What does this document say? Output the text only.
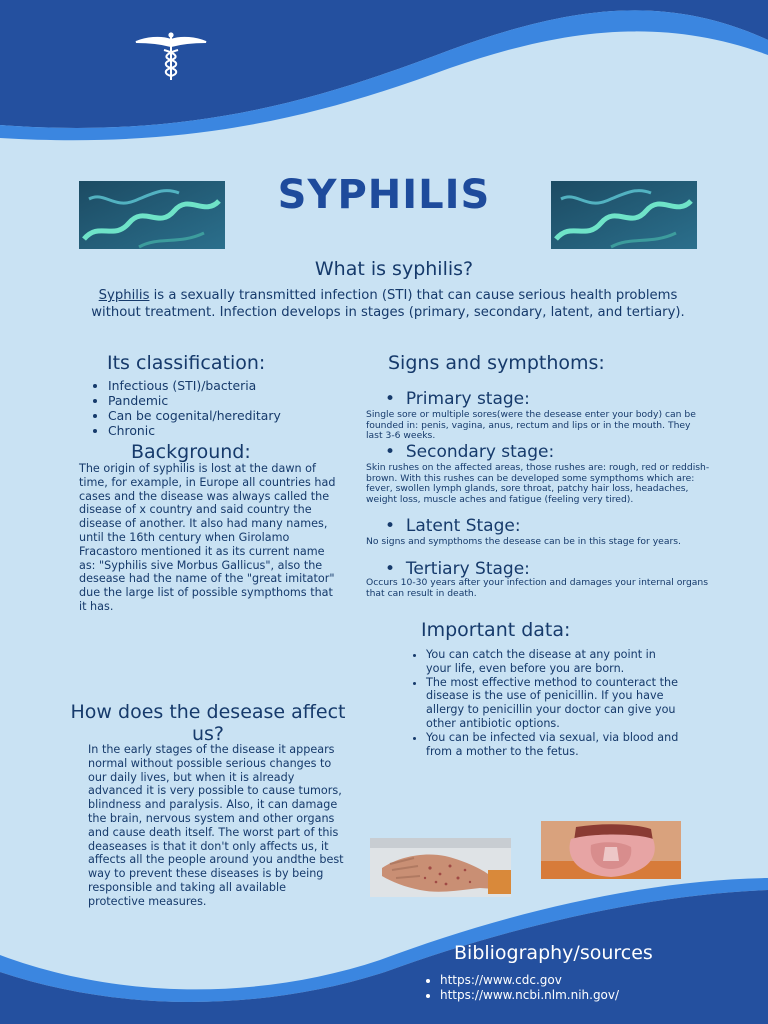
SYPHILIS
What is syphilis?
Syphilis is a sexually transmitted infection (STI) that can cause serious health problems without treatment. Infection develops in stages (primary, secondary, latent, and tertiary).
Its classification:
• Infectious (STI)/bacteria
• Pandemic
• Can be cogenital/hereditary
• Chronic
Background:
The origin of syphilis is lost at the dawn of time, for example, in Europe all countries had cases and the disease was always called the disease of x country and said country the disease of another. It also had many names, until the 16th century when Girolamo Fracastoro mentioned it as its current name as: "Syphilis sive Morbus Gallicus", also the desease had the name of the "great imitator" due the large list of possible sympthoms that it has.
Signs and sympthoms:
• Primary stage:
Single sore or multiple sores(were the desease enter your body) can be founded in: penis, vagina, anus, rectum and lips or in the mouth. They last 3-6 weeks.
• Secondary stage:
Skin rushes on the affected areas, those rushes are: rough, red or reddish-brown. With this rushes can be developed some sympthoms which are: fever, swollen lymph glands, sore throat, patchy hair loss, headaches, weight loss, muscle aches and fatigue (feeling very tired).
• Latent Stage:
No signs and sympthoms the desease can be in this stage for years.
• Tertiary Stage:
Occurs 10-30 years after your infection and damages your internal organs that can result in death.
Important data:
• You can catch the disease at any point in your life, even before you are born.
• The most effective method to counteract the disease is the use of penicillin. If you have allergy to penicillin your doctor can give you other antibiotic options.
• You can be infected via sexual, via blood and from a mother to the fetus.
How does the desease affect us?
In the early stages of the disease it appears normal without possible serious changes to our daily lives, but when it is already advanced it is very possible to cause tumors, blindness and paralysis. Also, it can damage the brain, nervous system and other organs and cause death itself. The worst part of this deaseases is that it don't only affects us, it affects all the people around you andthe best way to prevent these diseases is by being responsible and taking all available protective measures.
Bibliography/sources
• https://www.cdc.gov
• https://www.ncbi.nlm.nih.gov/
